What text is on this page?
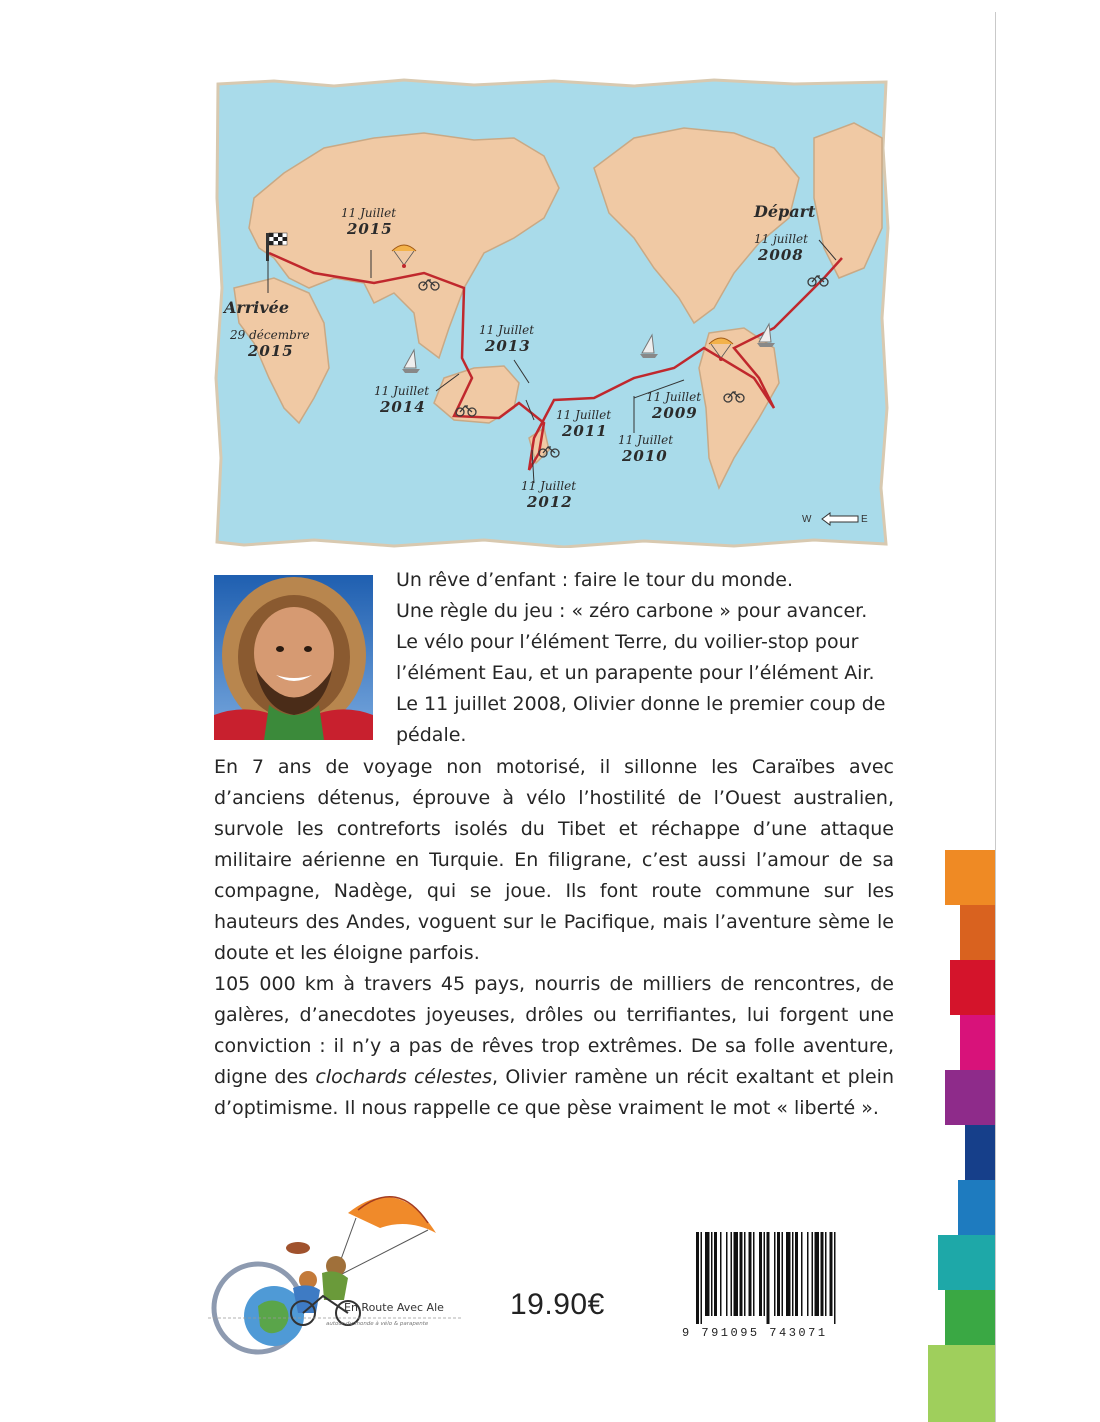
W	E
Arrivée
29 décembre
2015
11 Juillet
2015
11 Juillet
2013
11 Juillet
2014	11 Juillet
2011
11 Juillet
2009
11 Juillet
2010
11 Juillet
2012
Départ
11 juillet
2008

Un rêve d’enfant : faire le tour du monde.

Une règle du jeu : « zéro carbone » pour avancer.

Le vélo pour l’élément Terre, du voilier-stop pour l’élément Eau, et un parapente pour l’élément Air.

Le 11 juillet 2008, Olivier donne le premier coup de pédale.

En 7 ans de voyage non motorisé, il sillonne les Caraïbes avec d’anciens détenus, éprouve à vélo l’hostilité de l’Ouest australien, survole les contreforts isolés du Tibet et réchappe d’une attaque militaire aérienne en Turquie. En filigrane, c’est aussi l’amour de sa compagne, Nadège, qui se joue. Ils font route commune sur les hauteurs des Andes, voguent sur le Pacifique, mais l’aventure sème le doute et les éloigne parfois.

105 000 km à travers 45 pays, nourris de milliers de rencontres, de galères, d’anecdotes joyeuses, drôles ou terrifiantes, lui forgent une conviction : il n’y a pas de rêves trop extrêmes. De sa folle aventure, digne des clochards célestes, Olivier ramène un récit exaltant et plein d’optimisme. Il nous rappelle ce que pèse vraiment le mot « liberté ».

En Route Avec Ale
autour du monde à vélo & parapente
19.90€
9 791095 743071
